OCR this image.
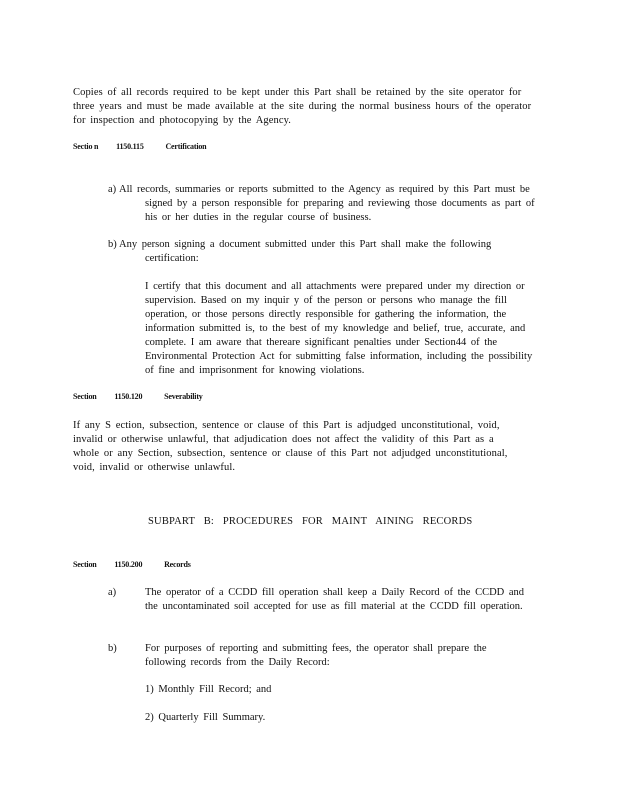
Copies of all records required to be kept under this Part shall be retained by the site operator for three years and must be made available at the site during the normal business hours of the operator for inspection and photocopying by the Agency.

Sectio n 1150.115	Certification
a) All records, summaries or reports submitted to the Agency as required by this Part must be signed by a person responsible for preparing and reviewing those documents as part of his or her duties in the regular course of business.

b) Any person signing a document submitted under this Part shall make the following certification:

I certify that this document and all attachments were prepared under my direction or supervision. Based on my inquir y of the person or persons who manage the fill operation, or those persons directly responsible for gathering the information, the information submitted is, to the best of my knowledge and belief, true, accurate, and complete. I am aware that thereare significant penalties under Section44 of the Environmental Protection Act for submitting false information, including the possibility of fine and imprisonment for knowing violations.

Section 1150.120	Severability

If any S ection, subsection, sentence or clause of this Part is adjudged unconstitutional, void, invalid or otherwise unlawful, that adjudication does not affect the validity of this Part as a whole or any Section, subsection, sentence or clause of this Part not adjudged unconstitutional, void, invalid or otherwise unlawful.

SUBPART B: PROCEDURES FOR MAINT AINING RECORDS
Section 1150.200	Records
a)	The operator of a CCDD fill operation shall keep a Daily Record of the CCDD and the uncontaminated soil accepted for use as fill material at the CCDD fill operation.

b)	For purposes of reporting and submitting fees, the operator shall prepare the following records from the Daily Record:

1) Monthly Fill Record; and

2) Quarterly Fill Summary.
